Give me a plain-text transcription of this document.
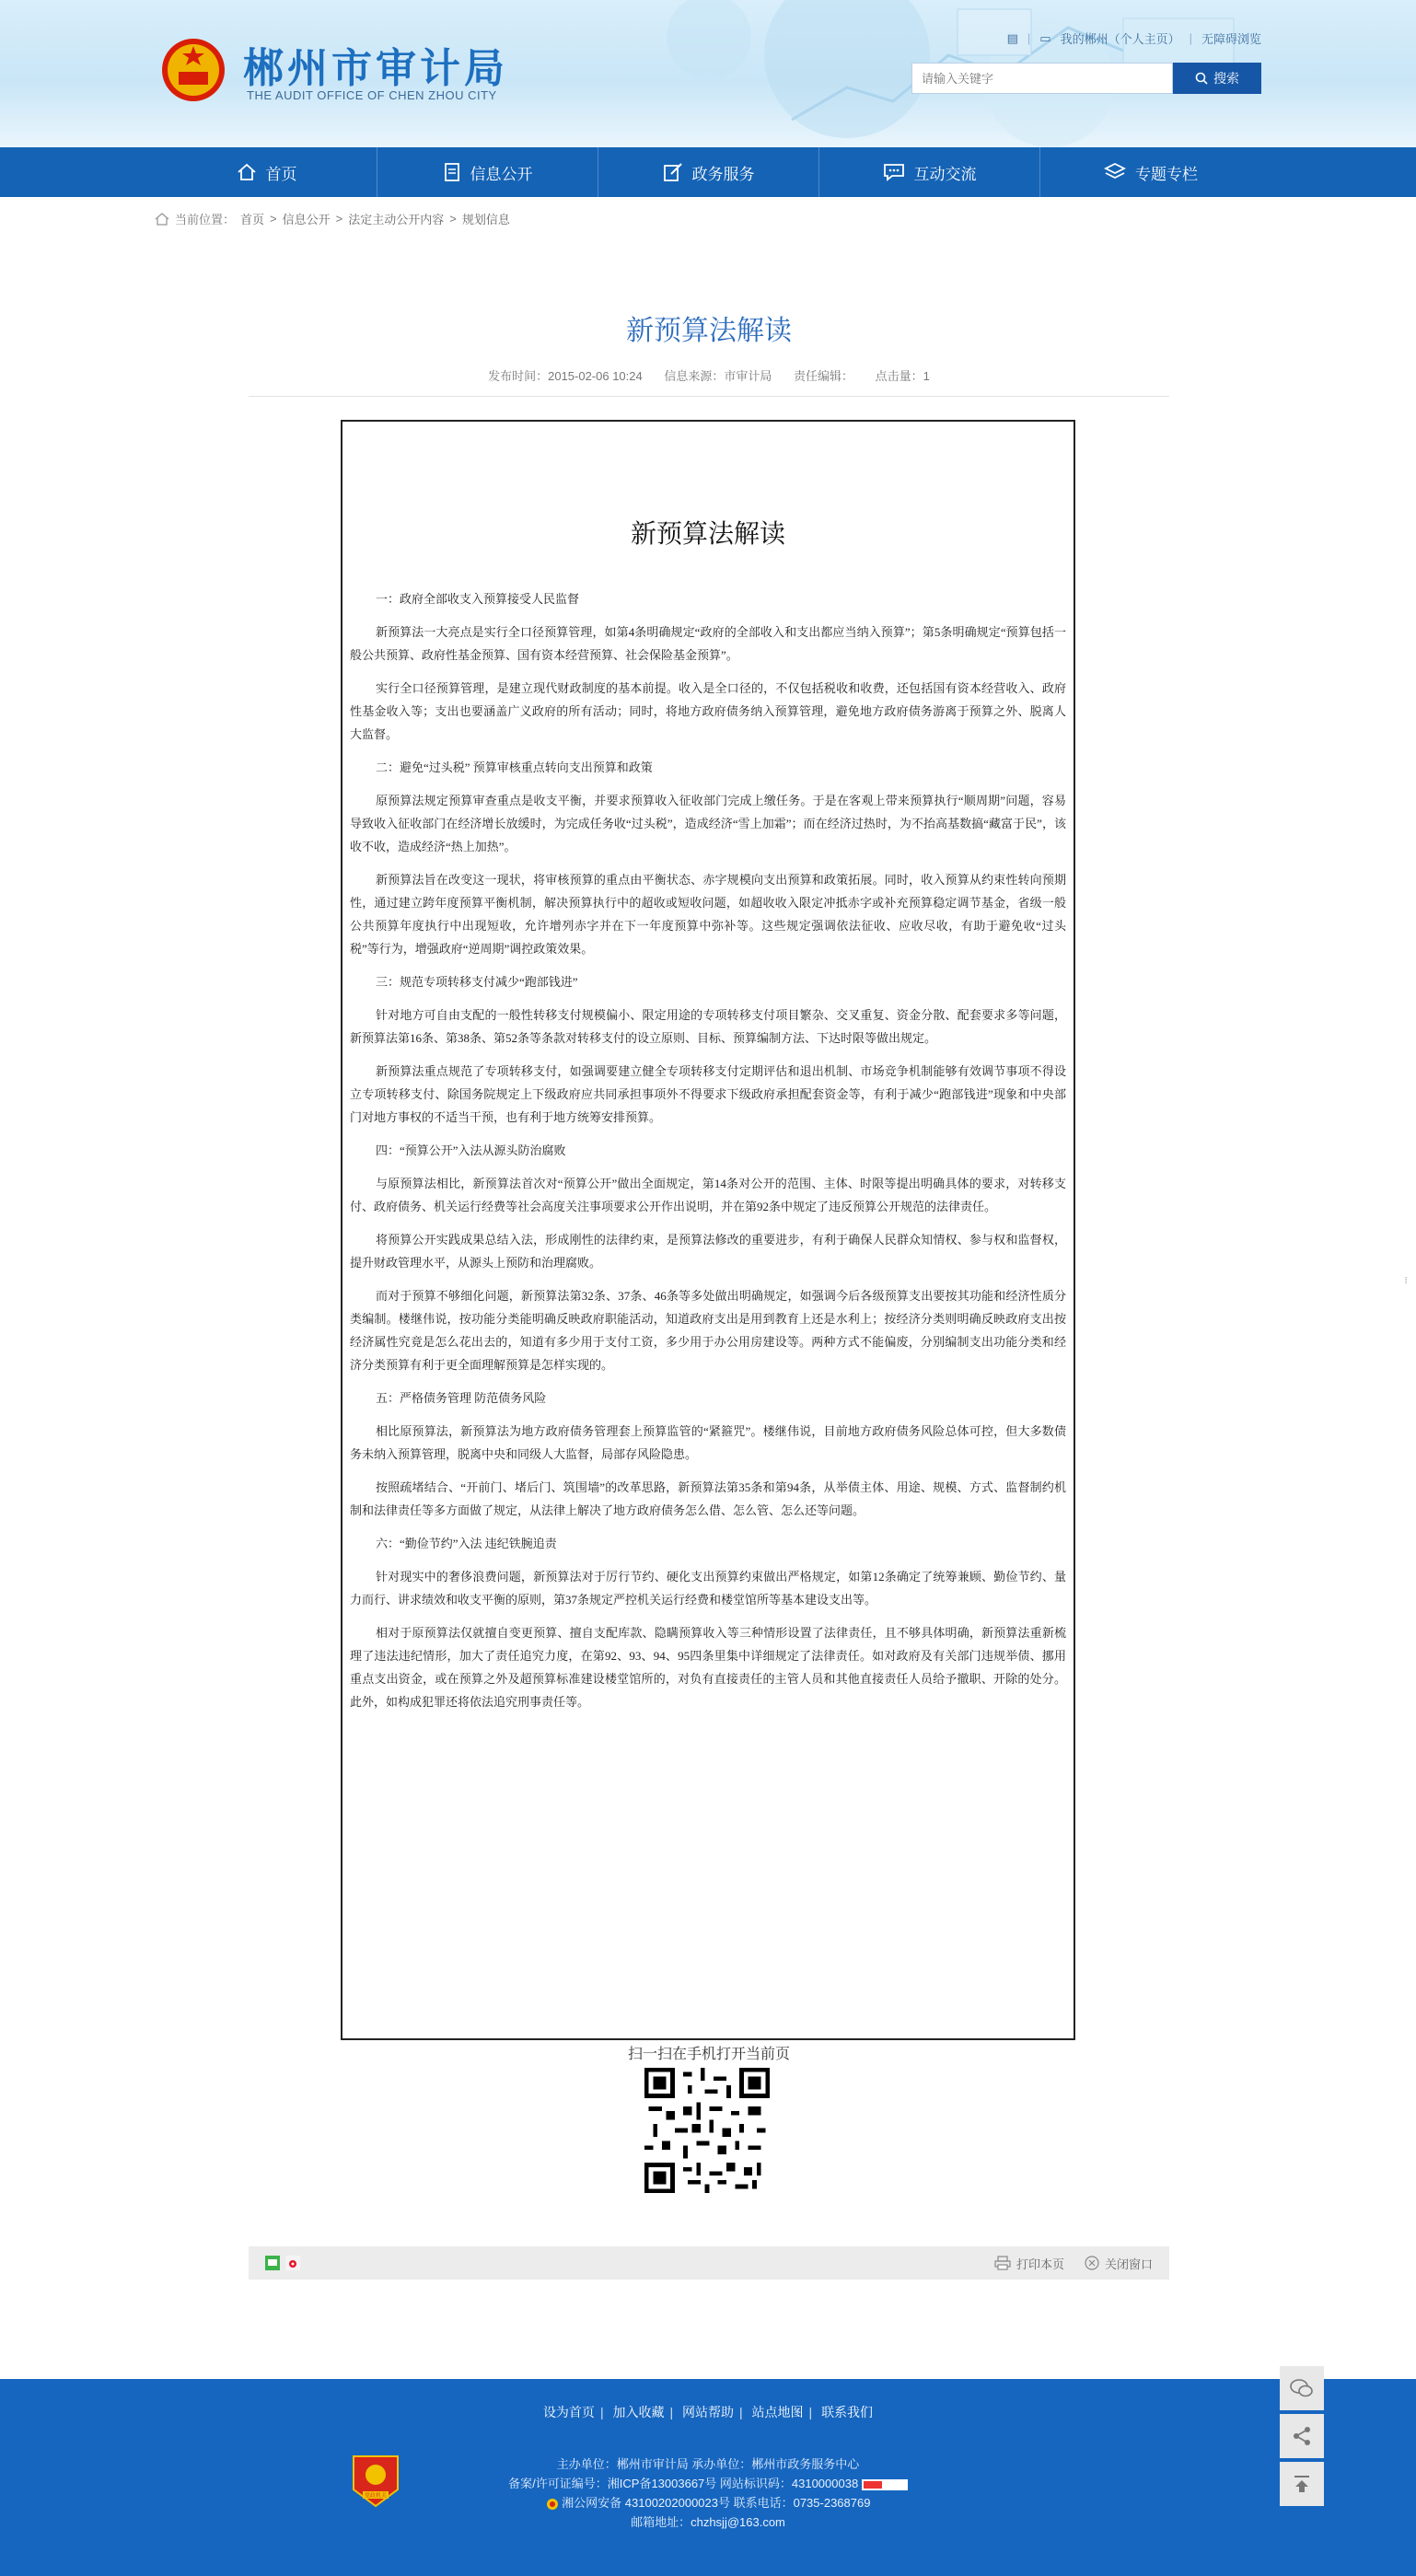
郴州市审计局
THE AUDIT OFFICE OF CHEN ZHOU CITY
▤ | ▭ 我的郴州（个人主页） | 无障碍浏览
请输入关键字
搜索
首页	信息公开	政务服务	互动交流	专题专栏
当前位置： 首页 > 信息公开 > 法定主动公开内容 > 规划信息
新预算法解读
发布时间：2015-02-06 10:24 信息来源：市审计局 责任编辑： 点击量：1
新预算法解读

一：政府全部收支入预算接受人民监督

新预算法一大亮点是实行全口径预算管理，如第4条明确规定“政府的全部收入和支出都应当纳入预算”；第5条明确规定“预算包括一般公共预算、政府性基金预算、国有资本经营预算、社会保险基金预算”。

实行全口径预算管理，是建立现代财政制度的基本前提。收入是全口径的，不仅包括税收和收费，还包括国有资本经营收入、政府性基金收入等；支出也要涵盖广义政府的所有活动；同时，将地方政府债务纳入预算管理，避免地方政府债务游离于预算之外、脱离人大监督。

二：避免“过头税” 预算审核重点转向支出预算和政策

原预算法规定预算审查重点是收支平衡，并要求预算收入征收部门完成上缴任务。于是在客观上带来预算执行“顺周期”问题，容易导致收入征收部门在经济增长放缓时，为完成任务收“过头税”，造成经济“雪上加霜”；而在经济过热时，为不抬高基数搞“藏富于民”，该收不收，造成经济“热上加热”。

新预算法旨在改变这一现状，将审核预算的重点由平衡状态、赤字规模向支出预算和政策拓展。同时，收入预算从约束性转向预期性，通过建立跨年度预算平衡机制，解决预算执行中的超收或短收问题，如超收收入限定冲抵赤字或补充预算稳定调节基金，省级一般公共预算年度执行中出现短收，允许增列赤字并在下一年度预算中弥补等。这些规定强调依法征收、应收尽收，有助于避免收“过头税”等行为，增强政府“逆周期”调控政策效果。

三：规范专项转移支付减少“跑部钱进”

针对地方可自由支配的一般性转移支付规模偏小、限定用途的专项转移支付项目繁杂、交叉重复、资金分散、配套要求多等问题，新预算法第16条、第38条、第52条等条款对转移支付的设立原则、目标、预算编制方法、下达时限等做出规定。

新预算法重点规范了专项转移支付，如强调要建立健全专项转移支付定期评估和退出机制、市场竞争机制能够有效调节事项不得设立专项转移支付、除国务院规定上下级政府应共同承担事项外不得要求下级政府承担配套资金等，有利于减少“跑部钱进”现象和中央部门对地方事权的不适当干预，也有利于地方统筹安排预算。

四：“预算公开”入法从源头防治腐败

与原预算法相比，新预算法首次对“预算公开”做出全面规定，第14条对公开的范围、主体、时限等提出明确具体的要求，对转移支付、政府债务、机关运行经费等社会高度关注事项要求公开作出说明，并在第92条中规定了违反预算公开规范的法律责任。

将预算公开实践成果总结入法，形成刚性的法律约束，是预算法修改的重要进步，有利于确保人民群众知情权、参与权和监督权，提升财政管理水平，从源头上预防和治理腐败。

而对于预算不够细化问题，新预算法第32条、37条、46条等多处做出明确规定，如强调今后各级预算支出要按其功能和经济性质分类编制。楼继伟说，按功能分类能明确反映政府职能活动，知道政府支出是用到教育上还是水利上；按经济分类则明确反映政府支出按经济属性究竟是怎么花出去的，知道有多少用于支付工资，多少用于办公用房建设等。两种方式不能偏废，分别编制支出功能分类和经济分类预算有利于更全面理解预算是怎样实现的。

五：严格债务管理 防范债务风险

相比原预算法，新预算法为地方政府债务管理套上预算监管的“紧箍咒”。楼继伟说，目前地方政府债务风险总体可控，但大多数债务未纳入预算管理，脱离中央和同级人大监督，局部存风险隐患。

按照疏堵结合、“开前门、堵后门、筑围墙”的改革思路，新预算法第35条和第94条，从举债主体、用途、规模、方式、监督制约机制和法律责任等多方面做了规定，从法律上解决了地方政府债务怎么借、怎么管、怎么还等问题。

六：“勤俭节约”入法 违纪铁腕追责

针对现实中的奢侈浪费问题，新预算法对于厉行节约、硬化支出预算约束做出严格规定，如第12条确定了统筹兼顾、勤俭节约、量力而行、讲求绩效和收支平衡的原则，第37条规定严控机关运行经费和楼堂馆所等基本建设支出等。

相对于原预算法仅就擅自变更预算、擅自支配库款、隐瞒预算收入等三种情形设置了法律责任，且不够具体明确，新预算法重新梳理了违法违纪情形，加大了责任追究力度，在第92、93、94、95四条里集中详细规定了法律责任。如对政府及有关部门违规举债、挪用重点支出资金，或在预算之外及超预算标准建设楼堂馆所的，对负有直接责任的主管人员和其他直接责任人员给予撤职、开除的处分。此外，如构成犯罪还将依法追究刑事责任等。

扫一扫在手机打开当前页
打印本页	关闭窗口
设为首页 | 加入收藏 | 网站帮助 | 站点地图 | 联系我们
党政机关
主办单位：郴州市审计局 承办单位：郴州市政务服务中心
备案/许可证编号：湘ICP备13003667号 网站标识码：4310000038
湘公网安备 43100202000023号 联系电话：0735-2368769
邮箱地址：chzhsjj@163.com
⦙
